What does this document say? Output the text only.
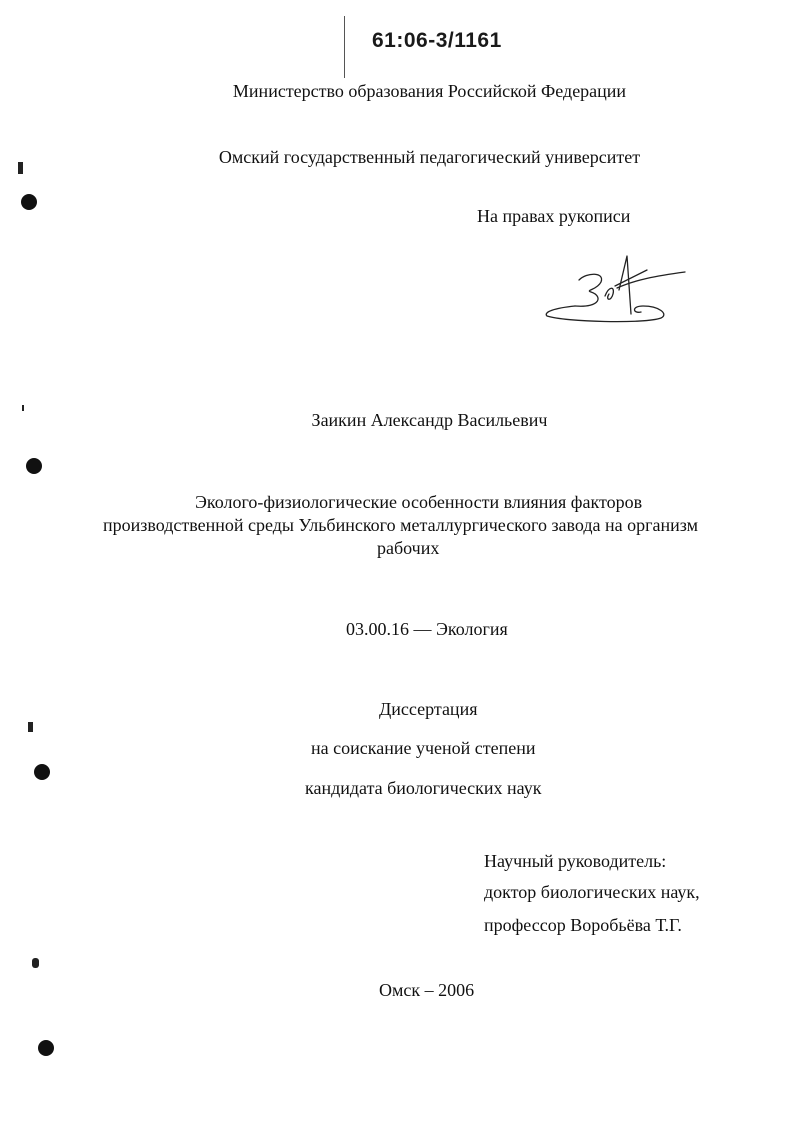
61:06-3/1161
Министерство образования Российской Федерации
Омский государственный педагогический университет
На правах рукописи
Заикин Александр Васильевич
Эколого-физиологические особенности влияния факторов
производственной среды Ульбинского металлургического завода на организм
рабочих
03.00.16 — Экология
Диссертация
на соискание ученой степени
кандидата биологических наук
Научный руководитель:
доктор биологических наук,
профессор Воробьёва Т.Г.
Омск – 2006
